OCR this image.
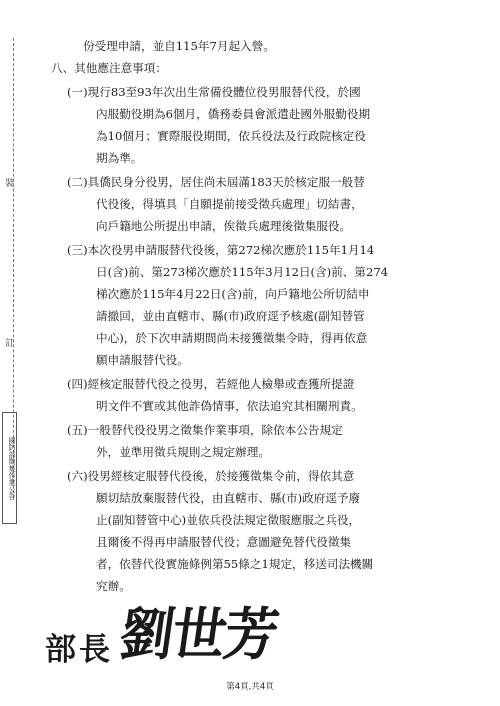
裝
訂
國防部徵集作業公告
份受理申請，並自115年7月起入營。
八、其他應注意事項：
(一)現行83至93年次出生常備役體位役男服替代役，於國
內服勤役期為6個月，僑務委員會派遣赴國外服勤役期
為10個月；實際服役期間，依兵役法及行政院核定役
期為準。
(二)具僑民身分役男，居住尚未屆滿183天於核定服一般替
代役後，得填具「自願提前接受徵兵處理」切結書，
向戶籍地公所提出申請，俟徵兵處理後徵集服役。
(三)本次役男申請服替代役後，第272梯次應於115年1月14
日(含)前、第273梯次應於115年3月12日(含)前、第274
梯次應於115年4月22日(含)前，向戶籍地公所切結申
請撤回，並由直轄市、縣(市)政府逕予核處(副知替管
中心)，於下次申請期間尚未接獲徵集令時，得再依意
願申請服替代役。
(四)經核定服替代役之役男，若經他人檢舉或查獲所提證
明文件不實或其他詐偽情事，依法追究其相關刑責。
(五)一般替代役役男之徵集作業事項，除依本公告規定
外，並準用徵兵規則之規定辦理。
(六)役男經核定服替代役後，於接獲徵集令前，得依其意
願切結放棄服替代役，由直轄市、縣(市)政府逕予廢
止(副知替管中心)並依兵役法規定徵服應服之兵役，
且爾後不得再申請服替代役；意圖避免替代役徵集
者，依替代役實施條例第55條之1規定，移送司法機關
究辦。
部長劉世芳
第4頁,共4頁
